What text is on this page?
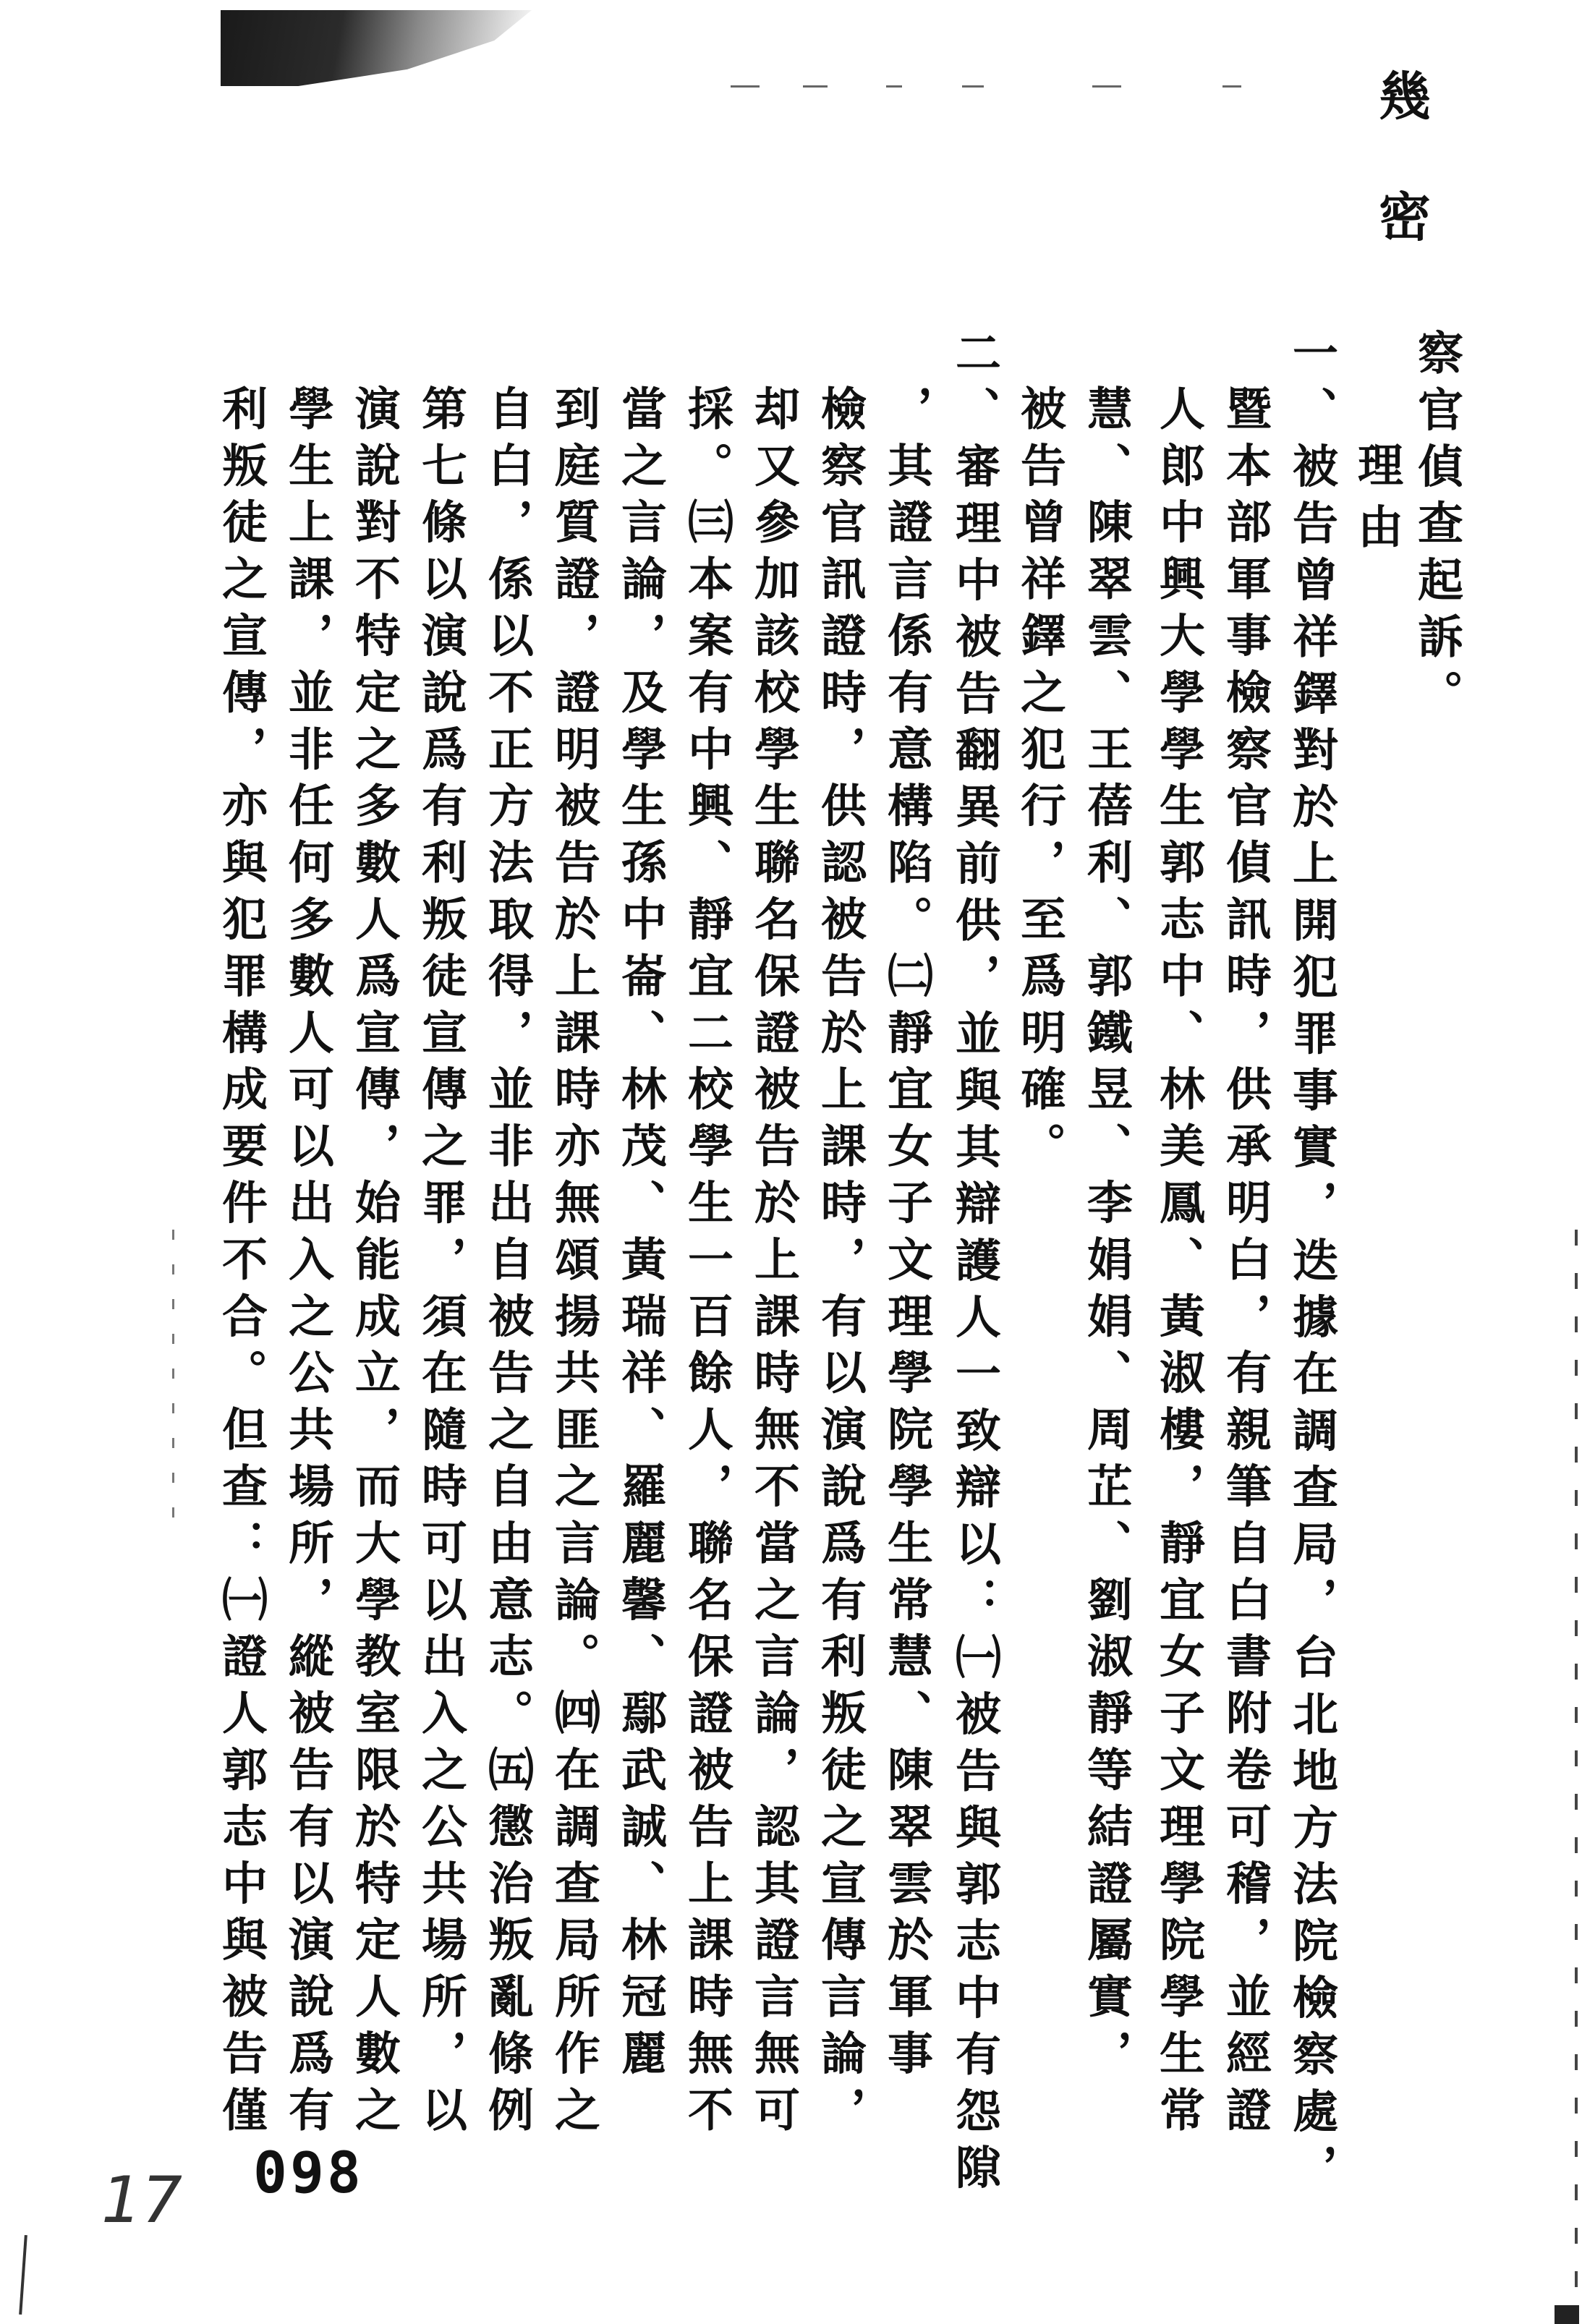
幾
密
察官偵查起訴。
理由
一、被告曾祥鐸對於上開犯罪事實，迭據在調查局，台北地方法院檢察處，
暨本部軍事檢察官偵訊時，供承明白，有親筆自白書附卷可稽，並經證
人郎中興大學學生郭志中、林美鳳、黃淑樓，靜宜女子文理學院學生常
慧、陳翠雲、王蓓利、郭鐵昱、李娟娟、周芷、劉淑靜等結證屬實，
被告曾祥鐸之犯行，至爲明確。
二、審理中被告翻異前供，並與其辯護人一致辯以：㈠被告與郭志中有怨隙
，其證言係有意構陷。㈡靜宜女子文理學院學生常慧、陳翠雲於軍事
檢察官訊證時，供認被告於上課時，有以演說爲有利叛徒之宣傳言論，
却又參加該校學生聯名保證被告於上課時無不當之言論，認其證言無可
採。㈢本案有中興、靜宜二校學生一百餘人，聯名保證被告上課時無不
當之言論，及學生孫中崙、林茂、黃瑞祥、羅麗馨、鄢武誠、林冠麗
到庭質證，證明被告於上課時亦無頌揚共匪之言論。㈣在調查局所作之
自白，係以不正方法取得，並非出自被告之自由意志。㈤懲治叛亂條例
第七條以演說爲有利叛徒宣傳之罪，須在隨時可以出入之公共場所，以
演說對不特定之多數人爲宣傳，始能成立，而大學教室限於特定人數之
學生上課，並非任何多數人可以出入之公共場所，縱被告有以演說爲有
利叛徒之宣傳，亦與犯罪構成要件不合。但查：㈠證人郭志中與被告僅
17 098
